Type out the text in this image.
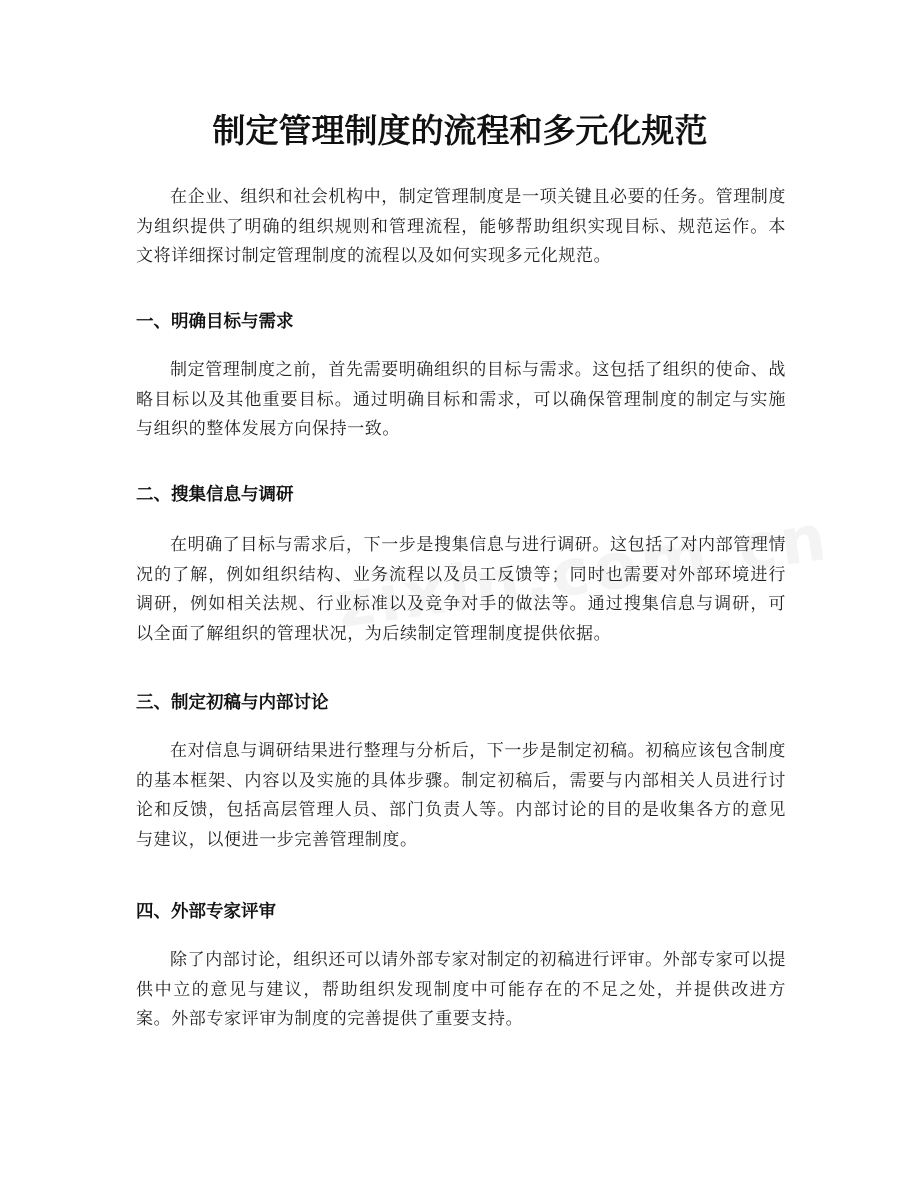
制定管理制度的流程和多元化规范

在企业、组织和社会机构中，制定管理制度是一项关键且必要的任务。管理制度为组织提供了明确的组织规则和管理流程，能够帮助组织实现目标、规范运作。本文将详细探讨制定管理制度的流程以及如何实现多元化规范。

一、明确目标与需求

制定管理制度之前，首先需要明确组织的目标与需求。这包括了组织的使命、战略目标以及其他重要目标。通过明确目标和需求，可以确保管理制度的制定与实施与组织的整体发展方向保持一致。

二、搜集信息与调研

在明确了目标与需求后，下一步是搜集信息与进行调研。这包括了对内部管理情况的了解，例如组织结构、业务流程以及员工反馈等；同时也需要对外部环境进行调研，例如相关法规、行业标准以及竞争对手的做法等。通过搜集信息与调研，可以全面了解组织的管理状况，为后续制定管理制度提供依据。

三、制定初稿与内部讨论

在对信息与调研结果进行整理与分析后，下一步是制定初稿。初稿应该包含制度的基本框架、内容以及实施的具体步骤。制定初稿后，需要与内部相关人员进行讨论和反馈，包括高层管理人员、部门负责人等。内部讨论的目的是收集各方的意见与建议，以便进一步完善管理制度。

四、外部专家评审

除了内部讨论，组织还可以请外部专家对制定的初稿进行评审。外部专家可以提供中立的意见与建议，帮助组织发现制度中可能存在的不足之处，并提供改进方案。外部专家评审为制度的完善提供了重要支持。
